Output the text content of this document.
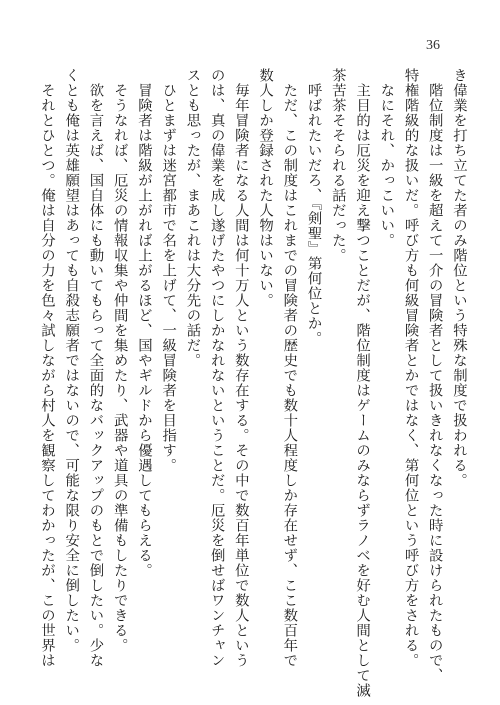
36
き偉業を打ち立てた者のみ階位という特殊な制度で扱われる。
　階位制度は一級を超えて一介の冒険者として扱いきれなくなった時に設けられたもので、
特権階級的な扱いだ。呼び方も何級冒険者とかではなく、第何位という呼び方をされる。
　なにそれ、かっこいい。
　主目的は厄災を迎え撃つことだが、階位制度はゲームのみならずラノベを好む人間として滅
茶苦茶そそられる話だった。
　呼ばれたいだろ、『剣聖』第何位とか。
　ただ、この制度はこれまでの冒険者の歴史でも数十人程度しか存在せず、ここ数百年で
数人しか登録された人物はいない。
　毎年冒険者になる人間は何十万人という数存在する。その中で数百年単位で数人という
のは、真の偉業を成し遂げたやつにしかなれないということだ。厄災を倒せばワンチャン
スとも思ったが、まあこれは大分先の話だ。
　ひとまずは迷宮都市で名を上げて、一級冒険者を目指す。
　冒険者は階級が上がれば上がるほど、国やギルドから優遇してもらえる。
　そうなれば、厄災の情報収集や仲間を集めたり、武器や道具の準備もしたりできる。
　欲を言えば、国自体にも動いてもらって全面的なバックアップのもとで倒したい。少な
くとも俺は英雄願望はあっても自殺志願者ではないので、可能な限り安全に倒したい。
　それとひとつ。俺は自分の力を色々試しながら村人を観察してわかったが、この世界は
